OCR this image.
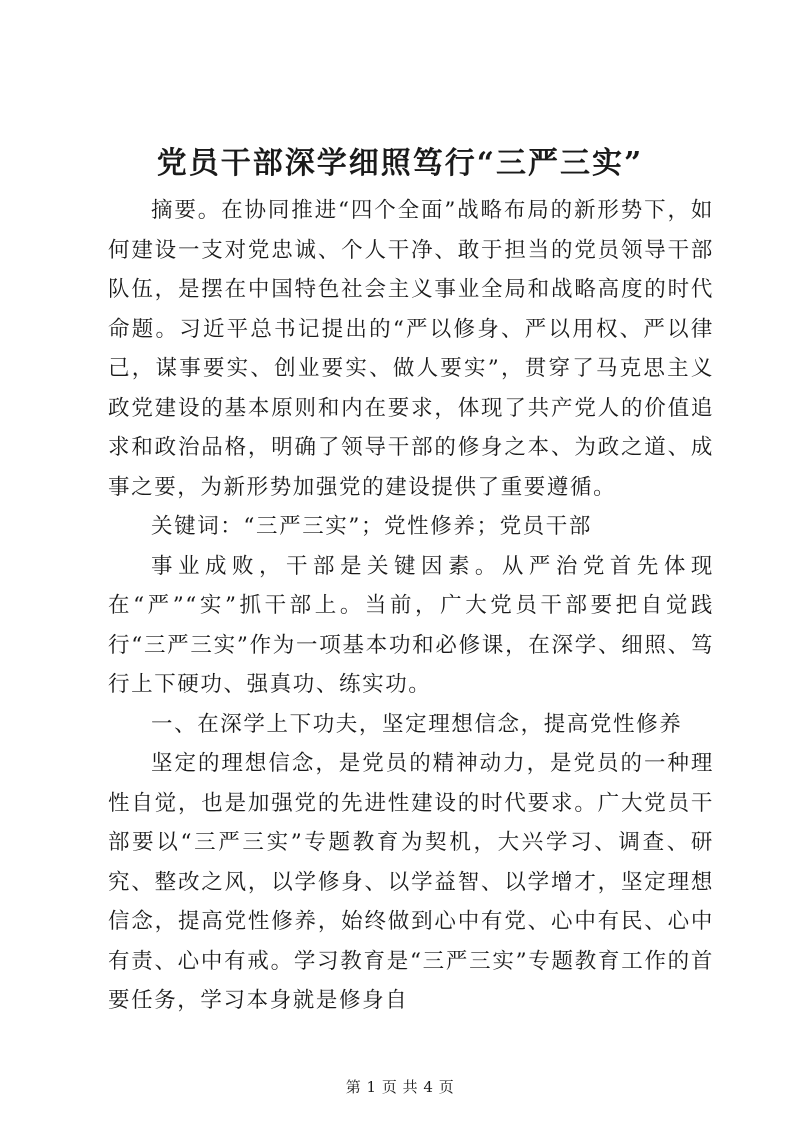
党员干部深学细照笃行“三严三实”

摘要。在协同推进“四个全面”战略布局的新形势下，如何建设一支对党忠诚、个人干净、敢于担当的党员领导干部队伍，是摆在中国特色社会主义事业全局和战略高度的时代命题。习近平总书记提出的“严以修身、严以用权、严以律己，谋事要实、创业要实、做人要实”，贯穿了马克思主义政党建设的基本原则和内在要求，体现了共产党人的价值追求和政治品格，明确了领导干部的修身之本、为政之道、成事之要，为新形势加强党的建设提供了重要遵循。

关键词：“三严三实”；党性修养；党员干部

事业成败，干部是关键因素。从严治党首先体现在“严”“实”抓干部上。当前，广大党员干部要把自觉践行“三严三实”作为一项基本功和必修课，在深学、细照、笃行上下硬功、强真功、练实功。

一、在深学上下功夫，坚定理想信念，提高党性修养

坚定的理想信念，是党员的精神动力，是党员的一种理性自觉，也是加强党的先进性建设的时代要求。广大党员干部要以“三严三实”专题教育为契机，大兴学习、调查、研究、整改之风，以学修身、以学益智、以学增才，坚定理想信念，提高党性修养，始终做到心中有党、心中有民、心中有责、心中有戒。学习教育是“三严三实”专题教育工作的首要任务，学习本身就是修身自

第 1 页 共 4 页
